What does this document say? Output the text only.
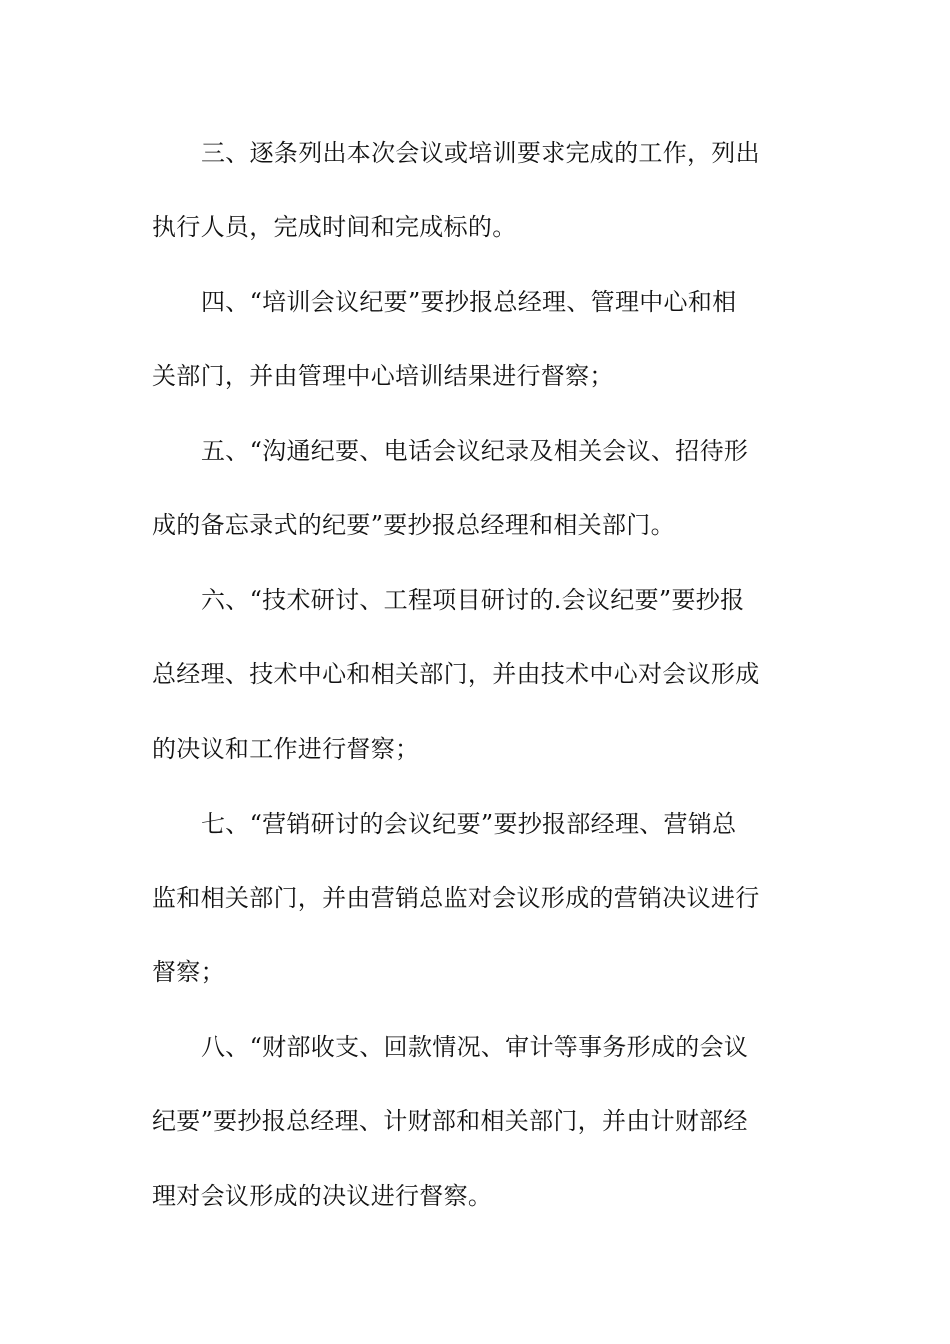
三、逐条列出本次会议或培训要求完成的工作，列出
执行人员，完成时间和完成标的。
四、“培训会议纪要”要抄报总经理、管理中心和相
关部门，并由管理中心培训结果进行督察；
五、“沟通纪要、电话会议纪录及相关会议、招待形
成的备忘录式的纪要”要抄报总经理和相关部门。
六、“技术研讨、工程项目研讨的.会议纪要”要抄报
总经理、技术中心和相关部门，并由技术中心对会议形成
的决议和工作进行督察；
七、“营销研讨的会议纪要”要抄报部经理、营销总
监和相关部门，并由营销总监对会议形成的营销决议进行
督察；
八、“财部收支、回款情况、审计等事务形成的会议
纪要”要抄报总经理、计财部和相关部门，并由计财部经
理对会议形成的决议进行督察。
